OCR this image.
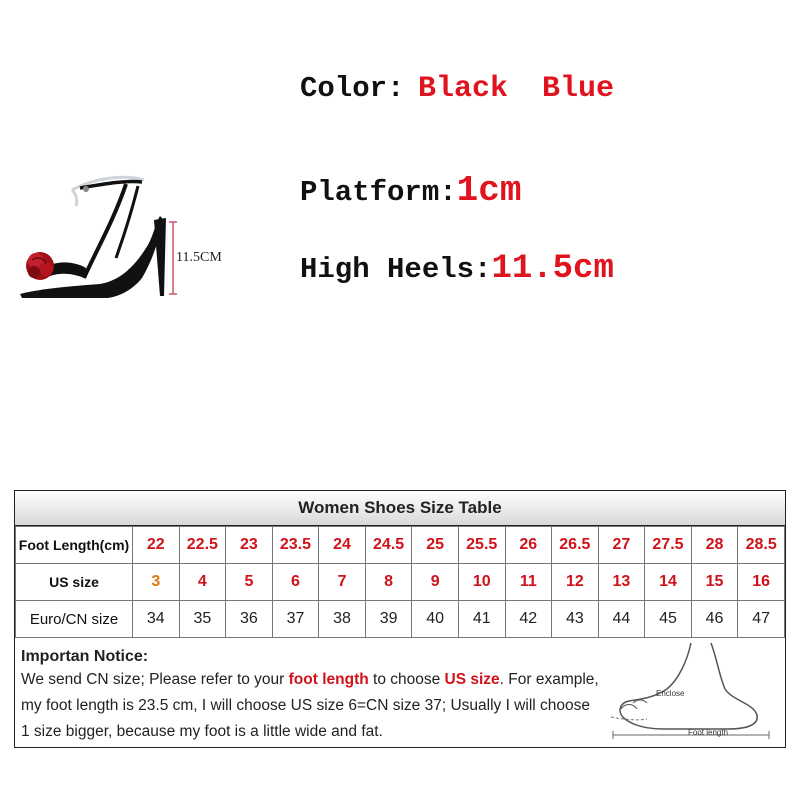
Color: Black Blue
Platform:1cm
High Heels:11.5cm
11.5CM
Women Shoes Size Table
Foot Length(cm)	22	22.5	23	23.5	24	24.5	25	25.5	26	26.5	27	27.5	28	28.5
US size	3	4	5	6	7	8	9	10	11	12	13	14	15	16
Euro/CN size	34	35	36	37	38	39	40	41	42	43	44	45	46	47
Importan Notice:
We send CN size; Please refer to your foot length to choose US size. For example,
my foot length is 23.5 cm, I will choose US size 6=CN size 37; Usually I will choose
1 size bigger, because my foot is a little wide and fat.
Enclose
Foot length
